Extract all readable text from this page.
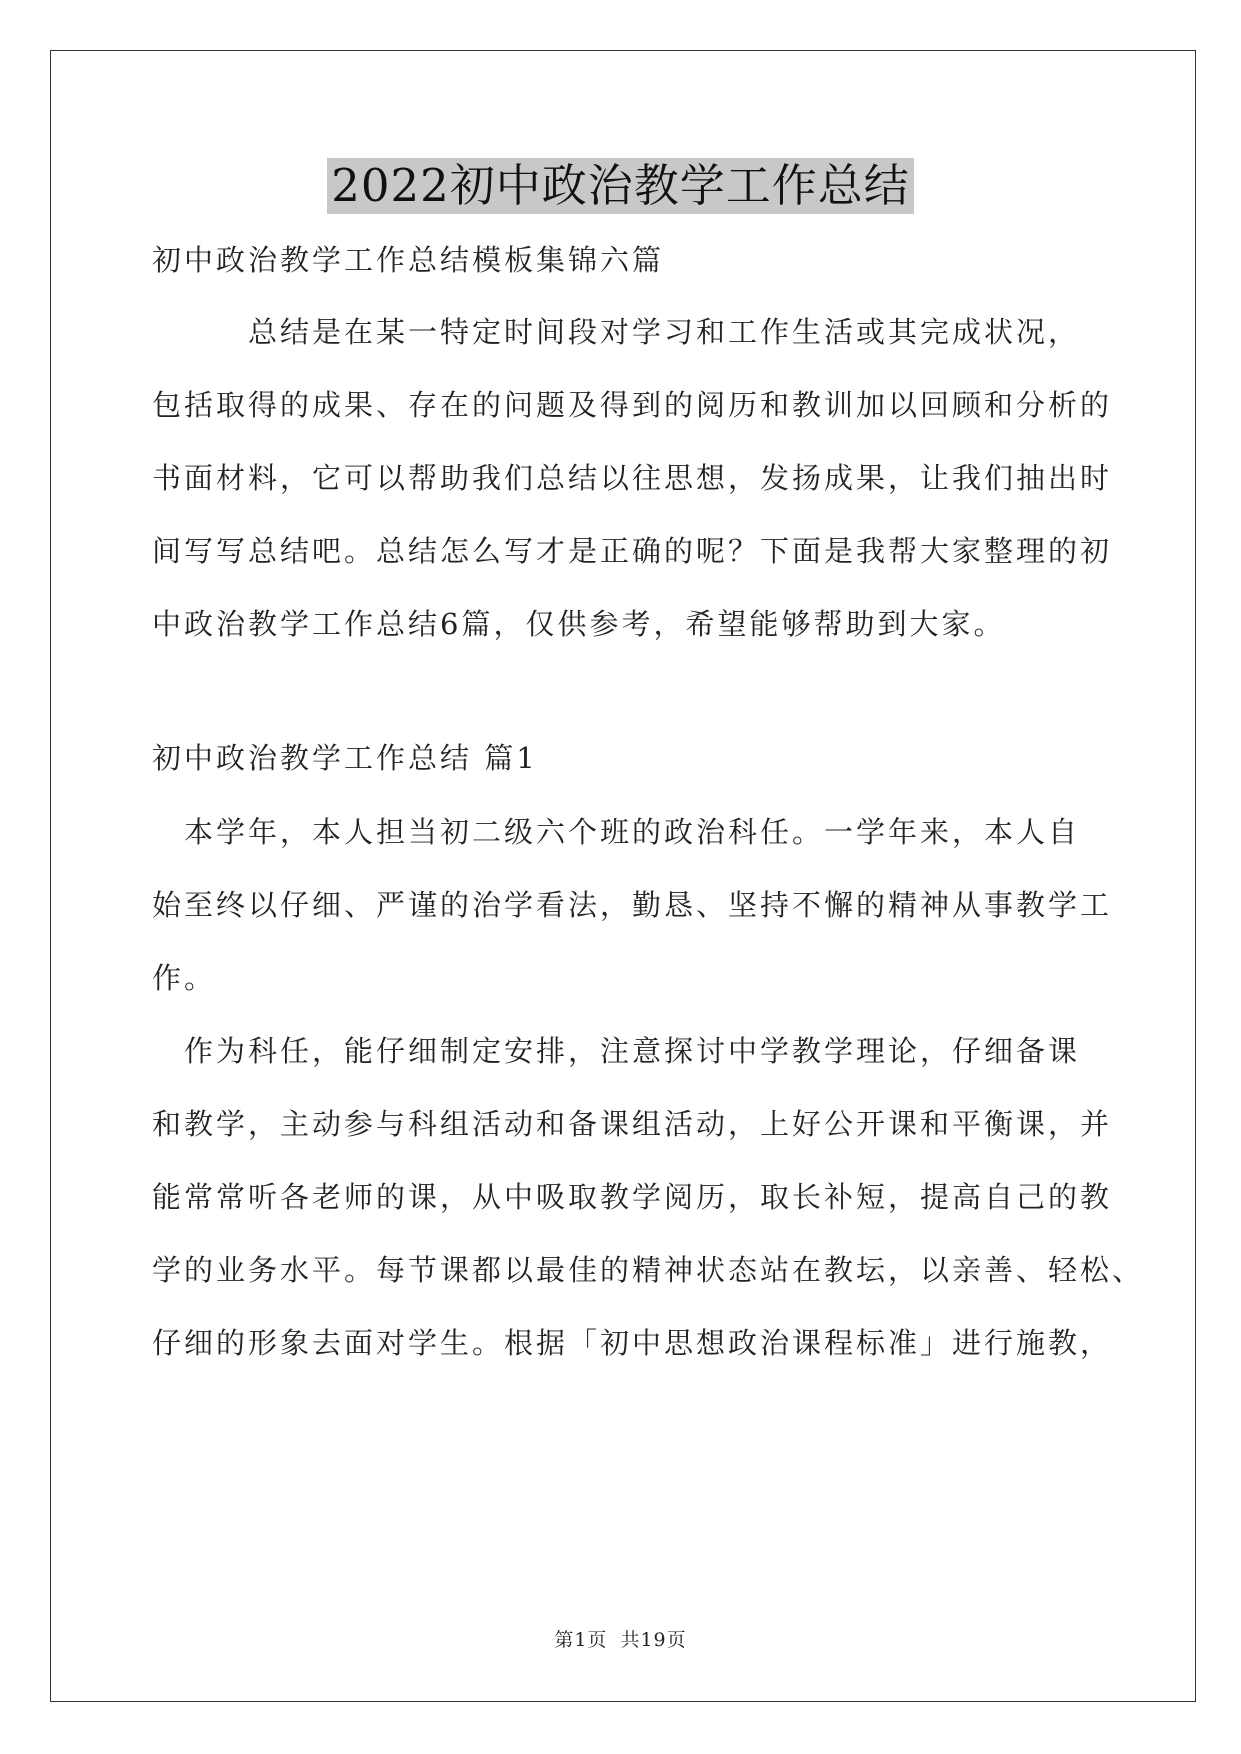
2022初中政治教学工作总结
初中政治教学工作总结模板集锦六篇
　　　总结是在某一特定时间段对学习和工作生活或其完成状况，
包括取得的成果、存在的问题及得到的阅历和教训加以回顾和分析的
书面材料，它可以帮助我们总结以往思想，发扬成果，让我们抽出时
间写写总结吧。总结怎么写才是正确的呢？下面是我帮大家整理的初
中政治教学工作总结6篇，仅供参考，希望能够帮助到大家。
初中政治教学工作总结 篇1
　本学年，本人担当初二级六个班的政治科任。一学年来，本人自
始至终以仔细、严谨的治学看法，勤恳、坚持不懈的精神从事教学工
作。
　作为科任，能仔细制定安排，注意探讨中学教学理论，仔细备课
和教学，主动参与科组活动和备课组活动，上好公开课和平衡课，并
能常常听各老师的课，从中吸取教学阅历，取长补短，提高自己的教
学的业务水平。每节课都以最佳的精神状态站在教坛，以亲善、轻松、
仔细的形象去面对学生。根据「初中思想政治课程标准」进行施教，
第1页 共19页
